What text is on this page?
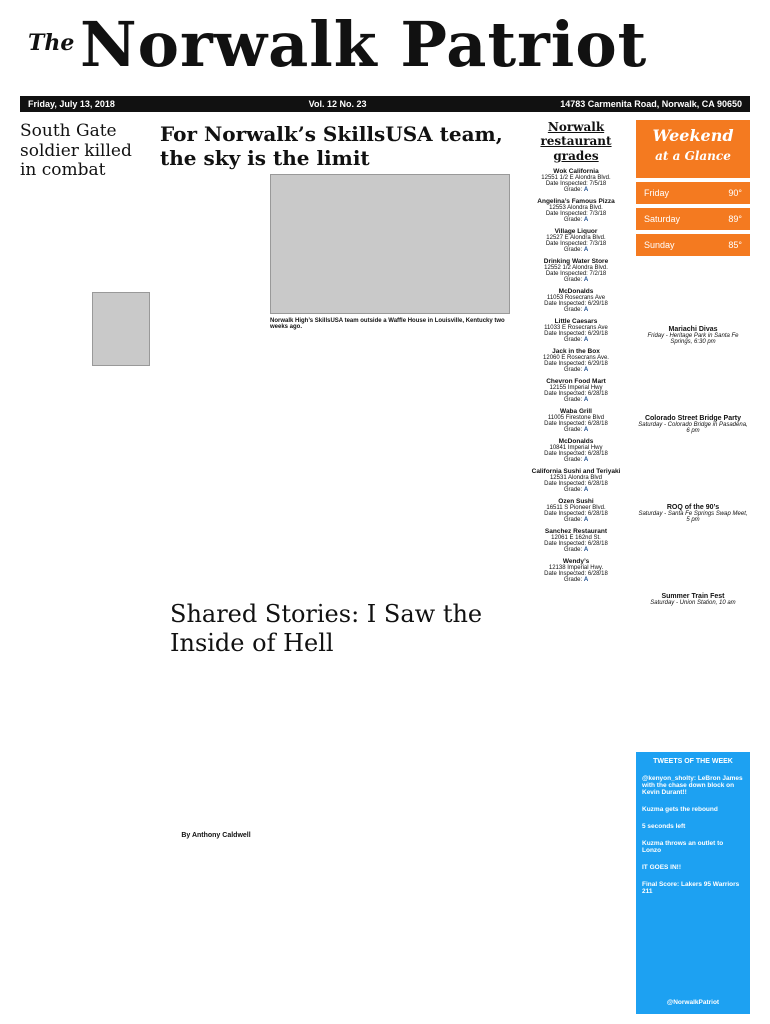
The Norwalk Patriot
Friday, July 13, 2018	Vol. 12 No. 23	14783 Carmenita Road, Norwalk, CA 90650
South Gate soldier killed in combat
For Norwalk’s SkillsUSA team, the sky is the limit
Norwalk High’s SkillsUSA team outside a Waffle House in Louisville, Kentucky two weeks ago.
Shared Stories: I Saw the Inside of Hell
By Anthony Caldwell
Norwalk restaurant grades
Wok California
12551 1/2 E Alondra Blvd.
Date Inspected: 7/5/18
Grade: A
Angelina’s Famous Pizza
12553 Alondra Blvd.
Date Inspected: 7/3/18
Grade: A
Village Liquor
12527 E Alondra Blvd.
Date Inspected: 7/3/18
Grade: A
Drinking Water Store
12552 1/2 Alondra Blvd.
Date Inspected: 7/2/18
Grade: A
McDonalds
11053 Rosecrans Ave
Date Inspected: 6/29/18
Grade: A
Little Caesars
11033 E Rosecrans Ave
Date Inspected: 6/29/18
Grade: A
Jack in the Box
12060 E Rosecrans Ave.
Date Inspected: 6/29/18
Grade: A
Chevron Food Mart
12155 Imperial Hwy
Date Inspected: 6/28/18
Grade: A
Waba Grill
11005 Firestone Blvd
Date Inspected: 6/28/18
Grade: A
McDonalds
10841 Imperial Hwy
Date Inspected: 6/28/18
Grade: A
California Sushi and Teriyaki
12531 Alondra Blvd
Date Inspected: 6/28/18
Grade: A
Ozen Sushi
16511 S Pioneer Blvd.
Date Inspected: 6/28/18
Grade: A
Sanchez Restaurant
12061 E 162nd St.
Date Inspected: 6/28/18
Grade: A
Wendy’s
12138 Imperial Hwy.
Date Inspected: 6/28/18
Grade: A
Weekend
at a Glance
Friday	90°
Saturday	89°
Sunday	85°
Mariachi Divas
Friday - Heritage Park in Santa Fe Springs, 6:30 pm
Colorado Street Bridge Party
Saturday - Colorado Bridge in Pasadena, 6 pm
ROQ of the 90’s
Saturday - Santa Fe Springs Swap Meet, 5 pm
Summer Train Fest
Saturday - Union Station, 10 am
TWEETS OF THE WEEK
@kenyon_sholty: LeBron James with the chase down block on Kevin Durant!!
Kuzma gets the rebound
5 seconds left
Kuzma throws an outlet to Lonzo
IT GOES IN!!
Final Score: Lakers 95 Warriors 211
@NorwalkPatriot
